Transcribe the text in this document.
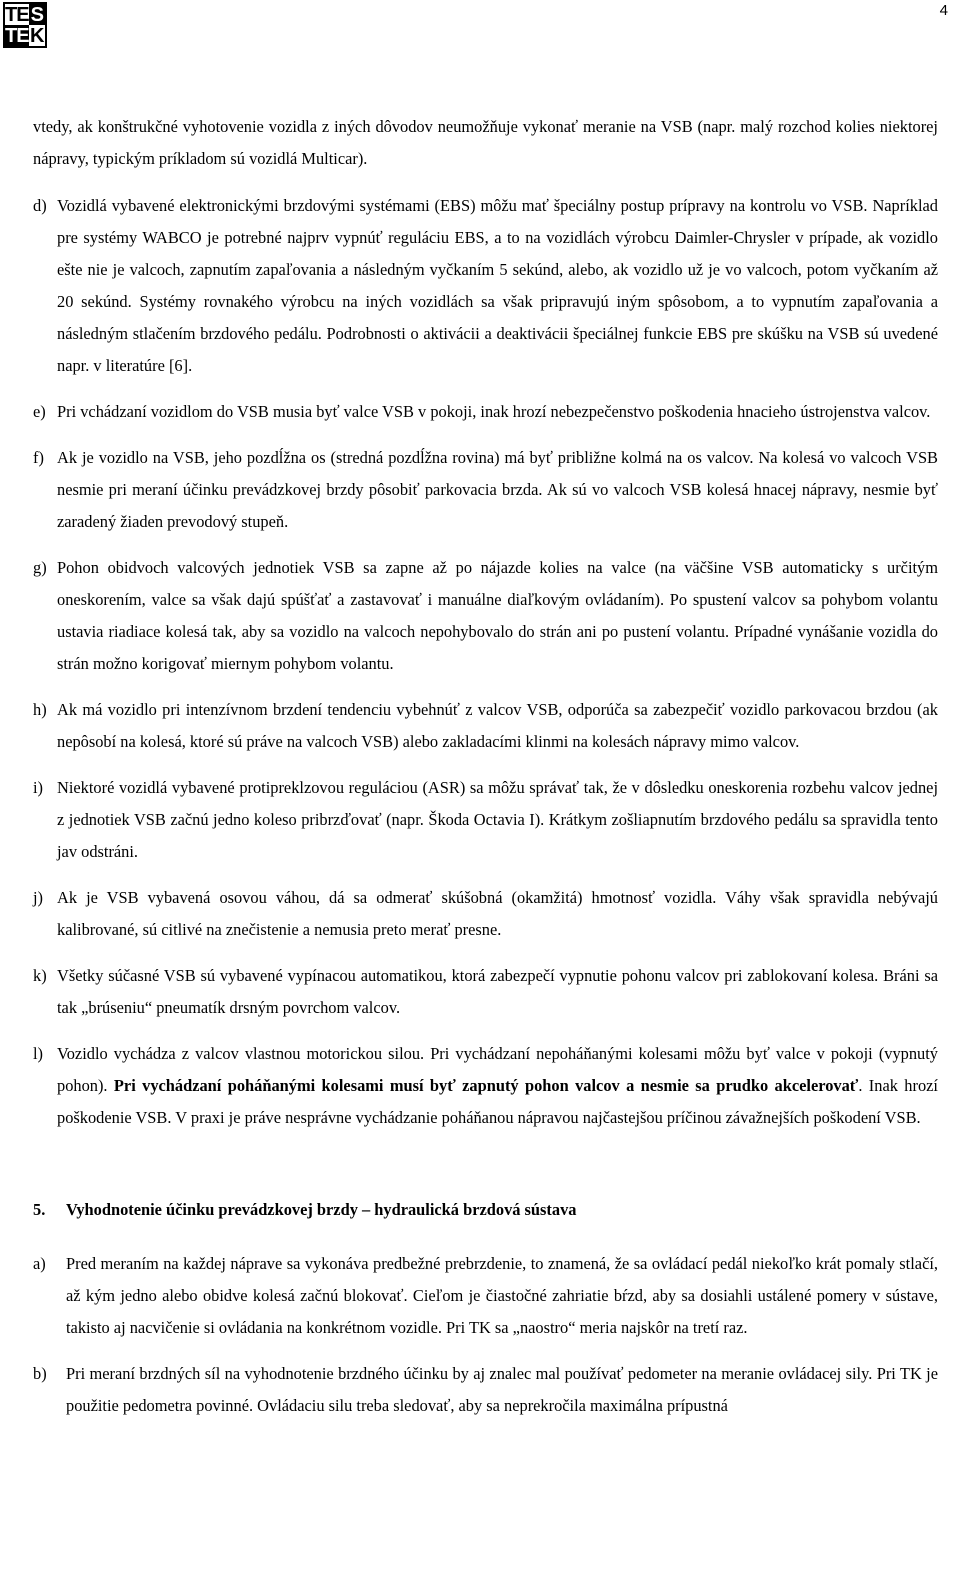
TE S
TE K
4

vtedy, ak konštrukčné vyhotovenie vozidla z iných dôvodov neumožňuje vykonať meranie na VSB (napr. malý rozchod kolies niektorej nápravy, typickým príkladom sú vozidlá Multicar).

d) Vozidlá vybavené elektronickými brzdovými systémami (EBS) môžu mať špeciálny postup prípravy na kontrolu vo VSB. Napríklad pre systémy WABCO je potrebné najprv vypnúť reguláciu EBS, a to na vozidlách výrobcu Daimler-Chrysler v prípade, ak vozidlo ešte nie je valcoch, zapnutím zapaľovania a následným vyčkaním 5 sekúnd, alebo, ak vozidlo už je vo valcoch, potom vyčkaním až 20 sekúnd. Systémy rovnakého výrobcu na iných vozidlách sa však pripravujú iným spôsobom, a to vypnutím zapaľovania a následným stlačením brzdového pedálu. Podrobnosti o aktivácii a deaktivácii špeciálnej funkcie EBS pre skúšku na VSB sú uvedené napr. v literatúre [6].
e) Pri vchádzaní vozidlom do VSB musia byť valce VSB v pokoji, inak hrozí nebezpečenstvo poškodenia hnacieho ústrojenstva valcov.
f) Ak je vozidlo na VSB, jeho pozdĺžna os (stredná pozdĺžna rovina) má byť približne kolmá na os valcov. Na kolesá vo valcoch VSB nesmie pri meraní účinku prevádzkovej brzdy pôsobiť parkovacia brzda. Ak sú vo valcoch VSB kolesá hnacej nápravy, nesmie byť zaradený žiaden prevodový stupeň.
g) Pohon obidvoch valcových jednotiek VSB sa zapne až po nájazde kolies na valce (na väčšine VSB automaticky s určitým oneskorením, valce sa však dajú spúšťať a zastavovať i manuálne diaľkovým ovládaním). Po spustení valcov sa pohybom volantu ustavia riadiace kolesá tak, aby sa vozidlo na valcoch nepohybovalo do strán ani po pustení volantu. Prípadné vynášanie vozidla do strán možno korigovať miernym pohybom volantu.
h) Ak má vozidlo pri intenzívnom brzdení tendenciu vybehnúť z valcov VSB, odporúča sa zabezpečiť vozidlo parkovacou brzdou (ak nepôsobí na kolesá, ktoré sú práve na valcoch VSB) alebo zakladacími klinmi na kolesách nápravy mimo valcov.
i) Niektoré vozidlá vybavené protipreklzovou reguláciou (ASR) sa môžu správať tak, že v dôsledku oneskorenia rozbehu valcov jednej z jednotiek VSB začnú jedno koleso pribrzďovať (napr. Škoda Octavia I). Krátkym zošliapnutím brzdového pedálu sa spravidla tento jav odstráni.
j) Ak je VSB vybavená osovou váhou, dá sa odmerať skúšobná (okamžitá) hmotnosť vozidla. Váhy však spravidla nebývajú kalibrované, sú citlivé na znečistenie a nemusia preto merať presne.
k) Všetky súčasné VSB sú vybavené vypínacou automatikou, ktorá zabezpečí vypnutie pohonu valcov pri zablokovaní kolesa. Bráni sa tak „brúseniu“ pneumatík drsným povrchom valcov.
l) Vozidlo vychádza z valcov vlastnou motorickou silou. Pri vychádzaní nepoháňanými kolesami môžu byť valce v pokoji (vypnutý pohon). Pri vychádzaní poháňanými kolesami musí byť zapnutý pohon valcov a nesmie sa prudko akcelerovať. Inak hrozí poškodenie VSB. V praxi je práve nesprávne vychádzanie poháňanou nápravou najčastejšou príčinou závažnejších poškodení VSB.
5.	Vyhodnotenie účinku prevádzkovej brzdy – hydraulická brzdová sústava
a)	Pred meraním na každej náprave sa vykonáva predbežné prebrzdenie, to znamená, že sa ovládací pedál niekoľko krát pomaly stlačí, až kým jedno alebo obidve kolesá začnú blokovať. Cieľom je čiastočné zahriatie bŕzd, aby sa dosiahli ustálené pomery v sústave, takisto aj nacvičenie si ovládania na konkrétnom vozidle. Pri TK sa „naostro“ meria najskôr na tretí raz.
b)	Pri meraní brzdných síl na vyhodnotenie brzdného účinku by aj znalec mal používať pedometer na meranie ovládacej sily. Pri TK je použitie pedometra povinné. Ovládaciu silu treba sledovať, aby sa neprekročila maximálna prípustná
